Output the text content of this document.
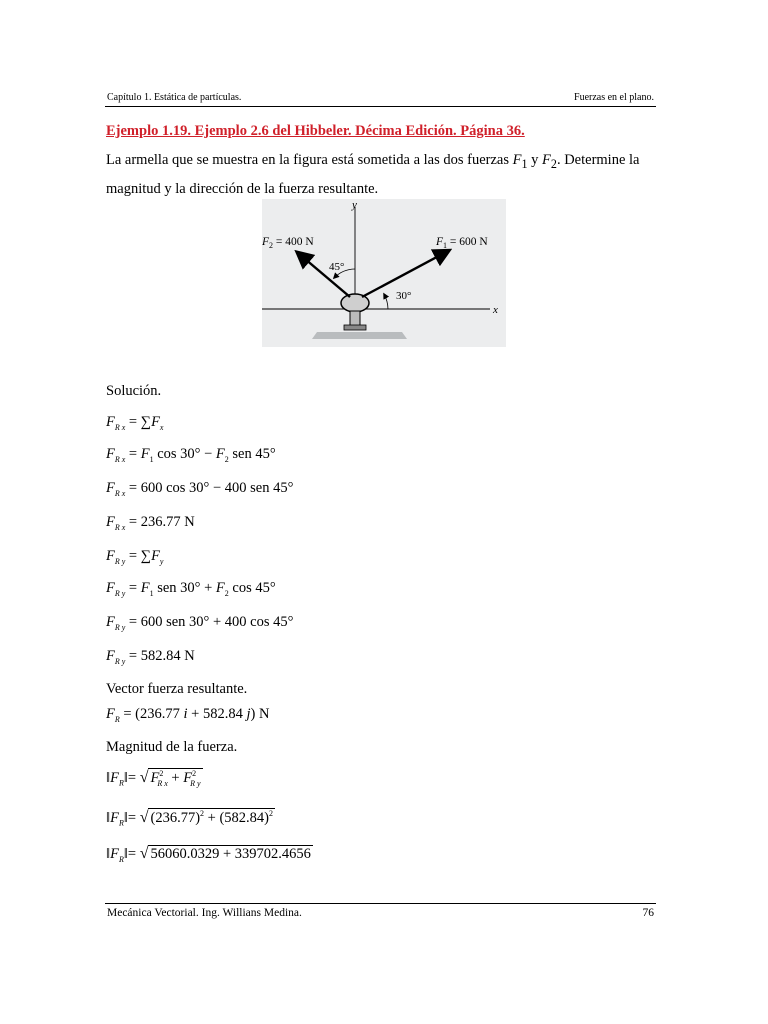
Capítulo 1. Estática de partículas.	Fuerzas en el plano.
Ejemplo 1.19. Ejemplo 2.6 del Hibbeler. Décima Edición. Página 36.
La armella que se muestra en la figura está sometida a las dos fuerzas $F_1$ y $F_2$. Determine la magnitud y la dirección de la fuerza resultante.
y
x
$F_2 = 400$ N	$F_1 = 600$ N
45°
30°
Solución.
$F_{R x} = \sum F_x$
$F_{R x} = F_1$ $\cos 30^\circ - F_2$ sen 45°
$F_{R x} = 600$ cos 30° − 400 sen 45°
$F_{R x} = 236.77$ N
$F_{R y} = \sum F_y$
$F_{R y} = F_1$ sen $30^\circ + F_2$ cos 45°
$F_{R y} = 600$ sen 30° + 400 cos 45°
$F_{R y} = 582.84$ N
Vector fuerza resultante.
$F_R = (236.77$ i + 582.84 j) N
Magnitud de la fuerza.
$‖F_R‖=$ √ $F^2_{R x} + F^2_{R y}$
$‖F_R‖=$ √ $(236.77)^2 + (582.84)^2$
$‖F_R‖=$ √ 56060.0329 + 339702.4656
Mecánica Vectorial. Ing. Willians Medina.	76
